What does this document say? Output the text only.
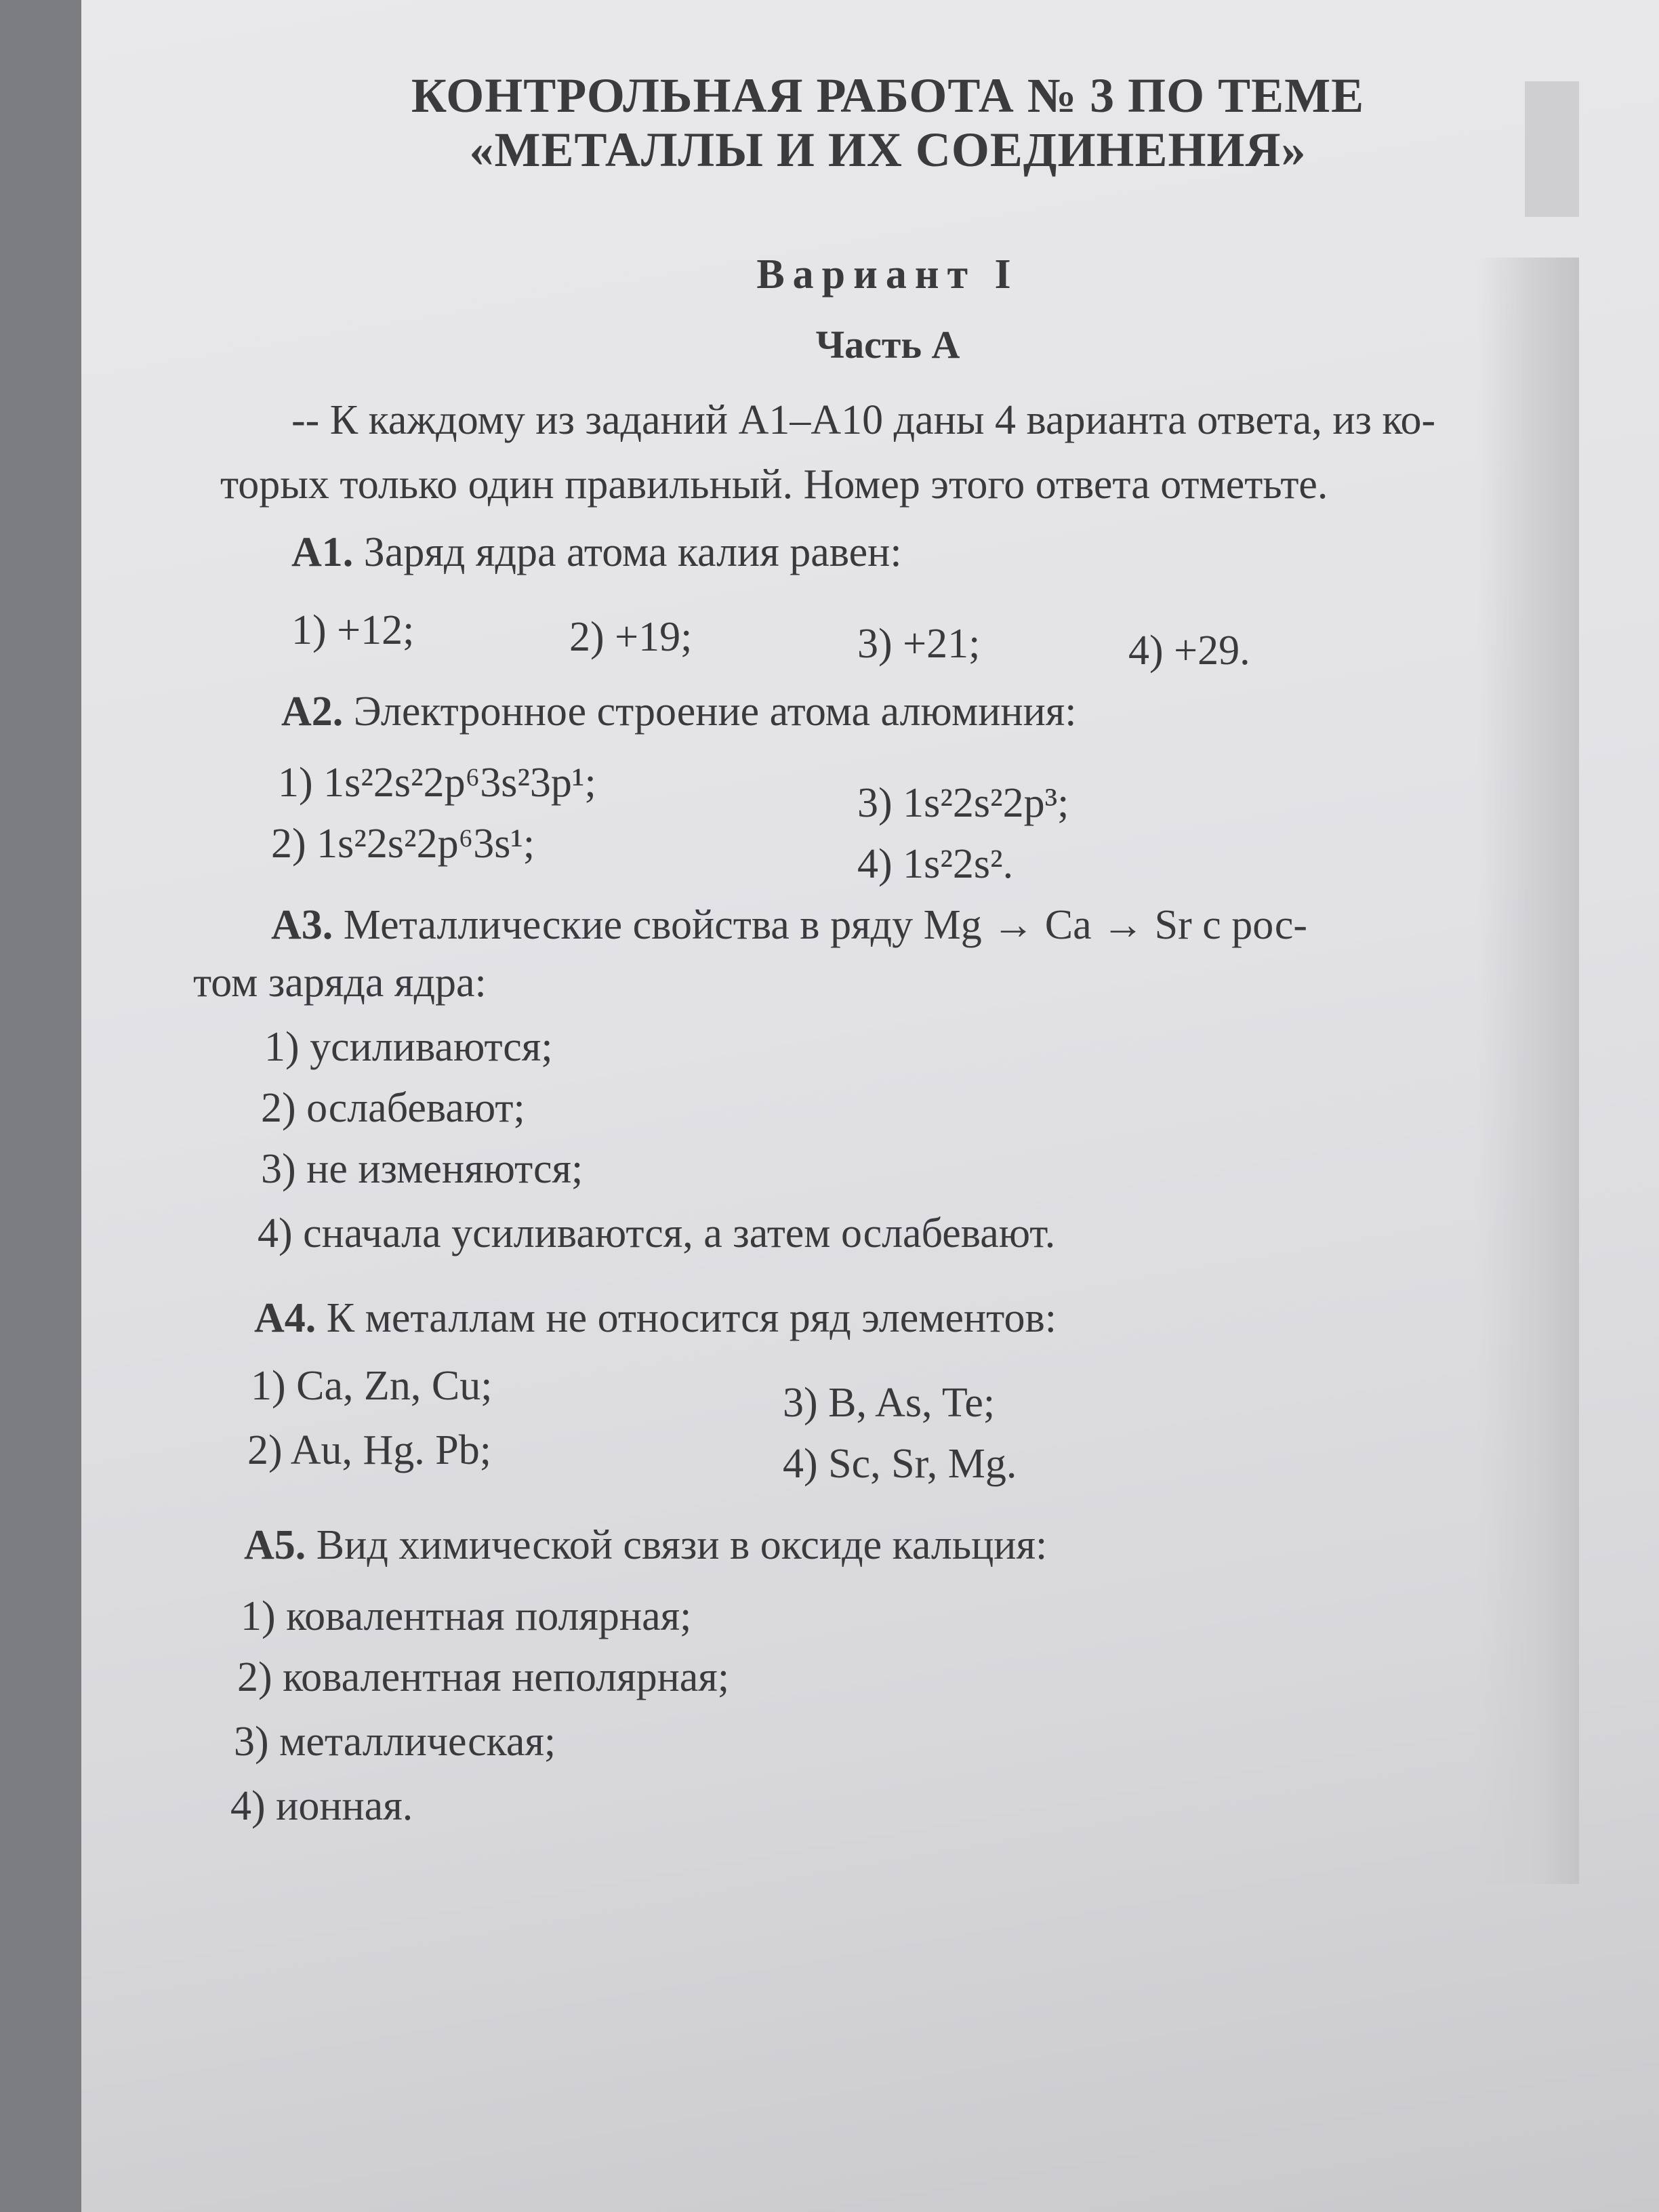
КОНТРОЛЬНАЯ РАБОТА № 3 ПО ТЕМЕ
«МЕТАЛЛЫ И ИХ СОЕДИНЕНИЯ»
Вариант I
Часть А
-- К каждому из заданий А1–А10 даны 4 варианта ответа, из ко-
торых только один правильный. Номер этого ответа отметьте.
А1. Заряд ядра атома калия равен:
1) +12;	2) +19;	3) +21;	4) +29.
А2. Электронное строение атома алюминия:
1) 1s²2s²2p⁶3s²3p¹;
2) 1s²2s²2p⁶3s¹;
3) 1s²2s²2p³;
4) 1s²2s².
А3. Металлические свойства в ряду Mg → Ca → Sr с рос-
том заряда ядра:
1) усиливаются;
2) ослабевают;
3) не изменяются;
4) сначала усиливаются, а затем ослабевают.
А4. К металлам не относится ряд элементов:
1) Ca, Zn, Cu;
2) Au, Hg. Pb;
3) B, As, Te;
4) Sc, Sr, Mg.
А5. Вид химической связи в оксиде кальция:
1) ковалентная полярная;
2) ковалентная неполярная;
3) металлическая;
4) ионная.
